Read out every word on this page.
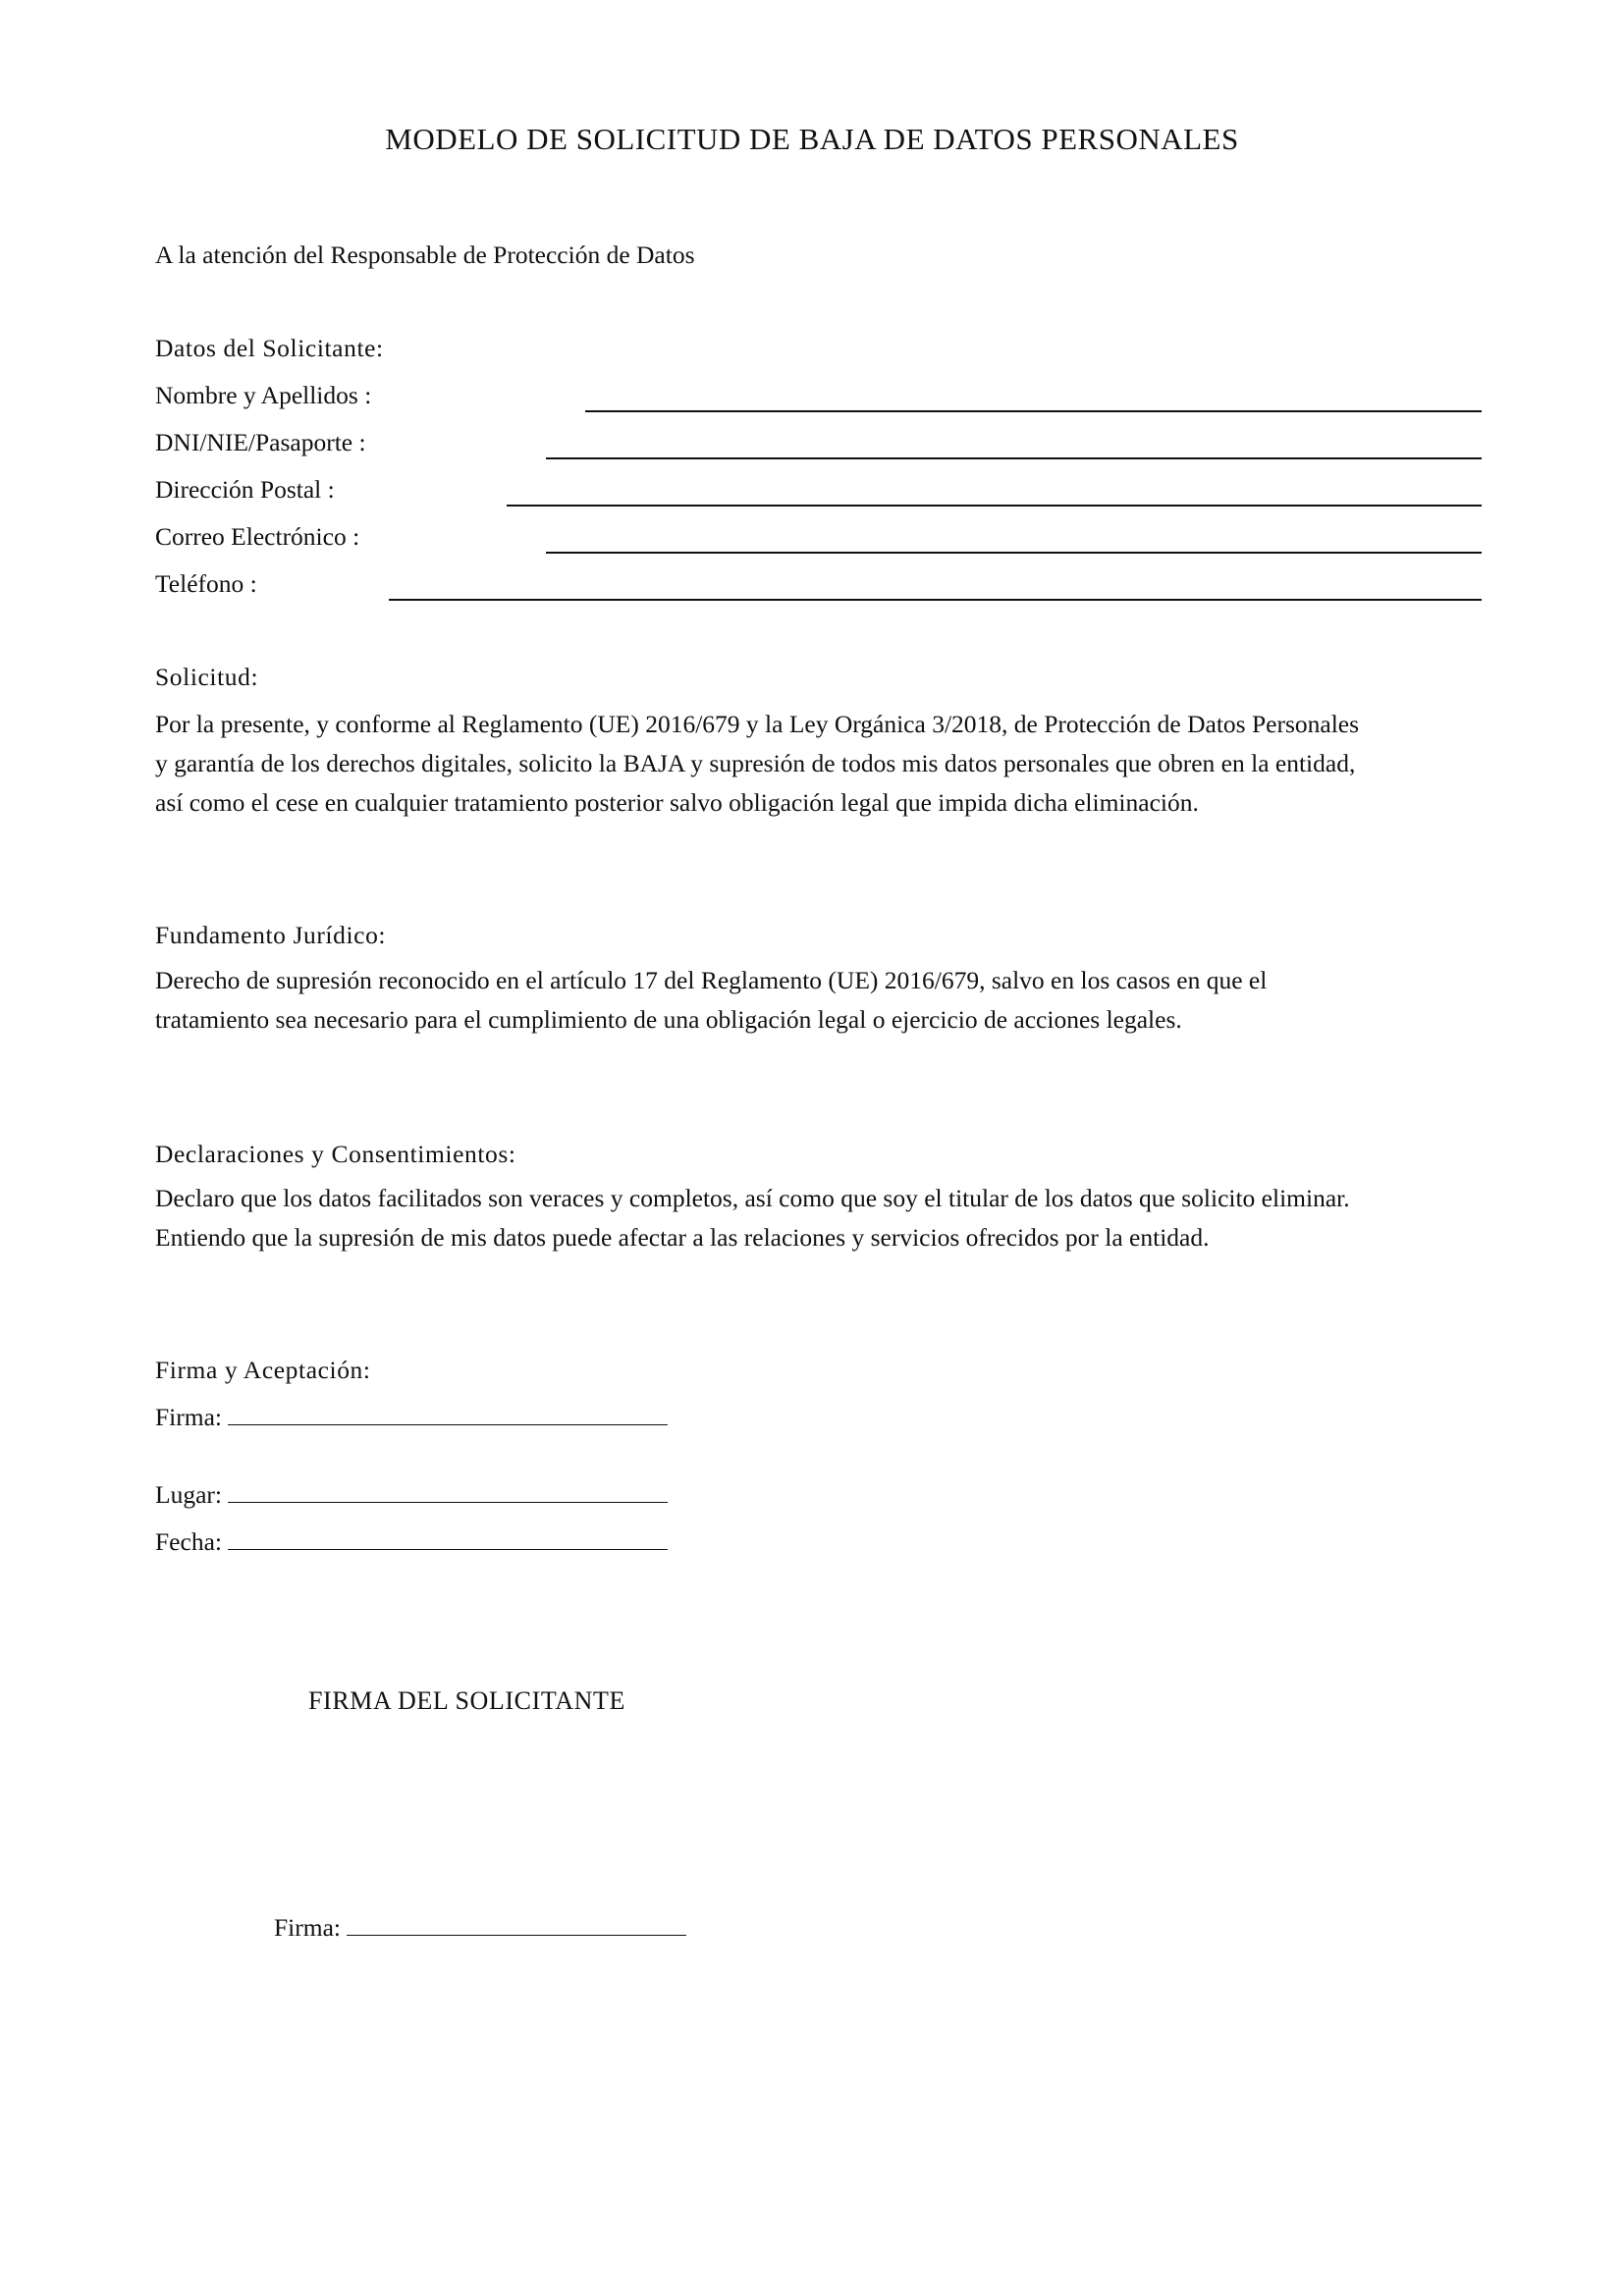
MODELO DE SOLICITUD DE BAJA DE DATOS PERSONALES
A la atención del Responsable de Protección de Datos
Datos del Solicitante:
Nombre y Apellidos :
DNI/NIE/Pasaporte :
Dirección Postal :
Correo Electrónico :
Teléfono :
Solicitud:
Por la presente, y conforme al Reglamento (UE) 2016/679 y la Ley Orgánica 3/2018, de Protección de Datos Personales
y garantía de los derechos digitales, solicito la BAJA y supresión de todos mis datos personales que obren en la entidad,
así como el cese en cualquier tratamiento posterior salvo obligación legal que impida dicha eliminación.
Fundamento Jurídico:
Derecho de supresión reconocido en el artículo 17 del Reglamento (UE) 2016/679, salvo en los casos en que el
tratamiento sea necesario para el cumplimiento de una obligación legal o ejercicio de acciones legales.
Declaraciones y Consentimientos:
Declaro que los datos facilitados son veraces y completos, así como que soy el titular de los datos que solicito eliminar.
Entiendo que la supresión de mis datos puede afectar a las relaciones y servicios ofrecidos por la entidad.
Firma y Aceptación:
Firma:
Lugar:
Fecha:
FIRMA DEL SOLICITANTE
Firma:
